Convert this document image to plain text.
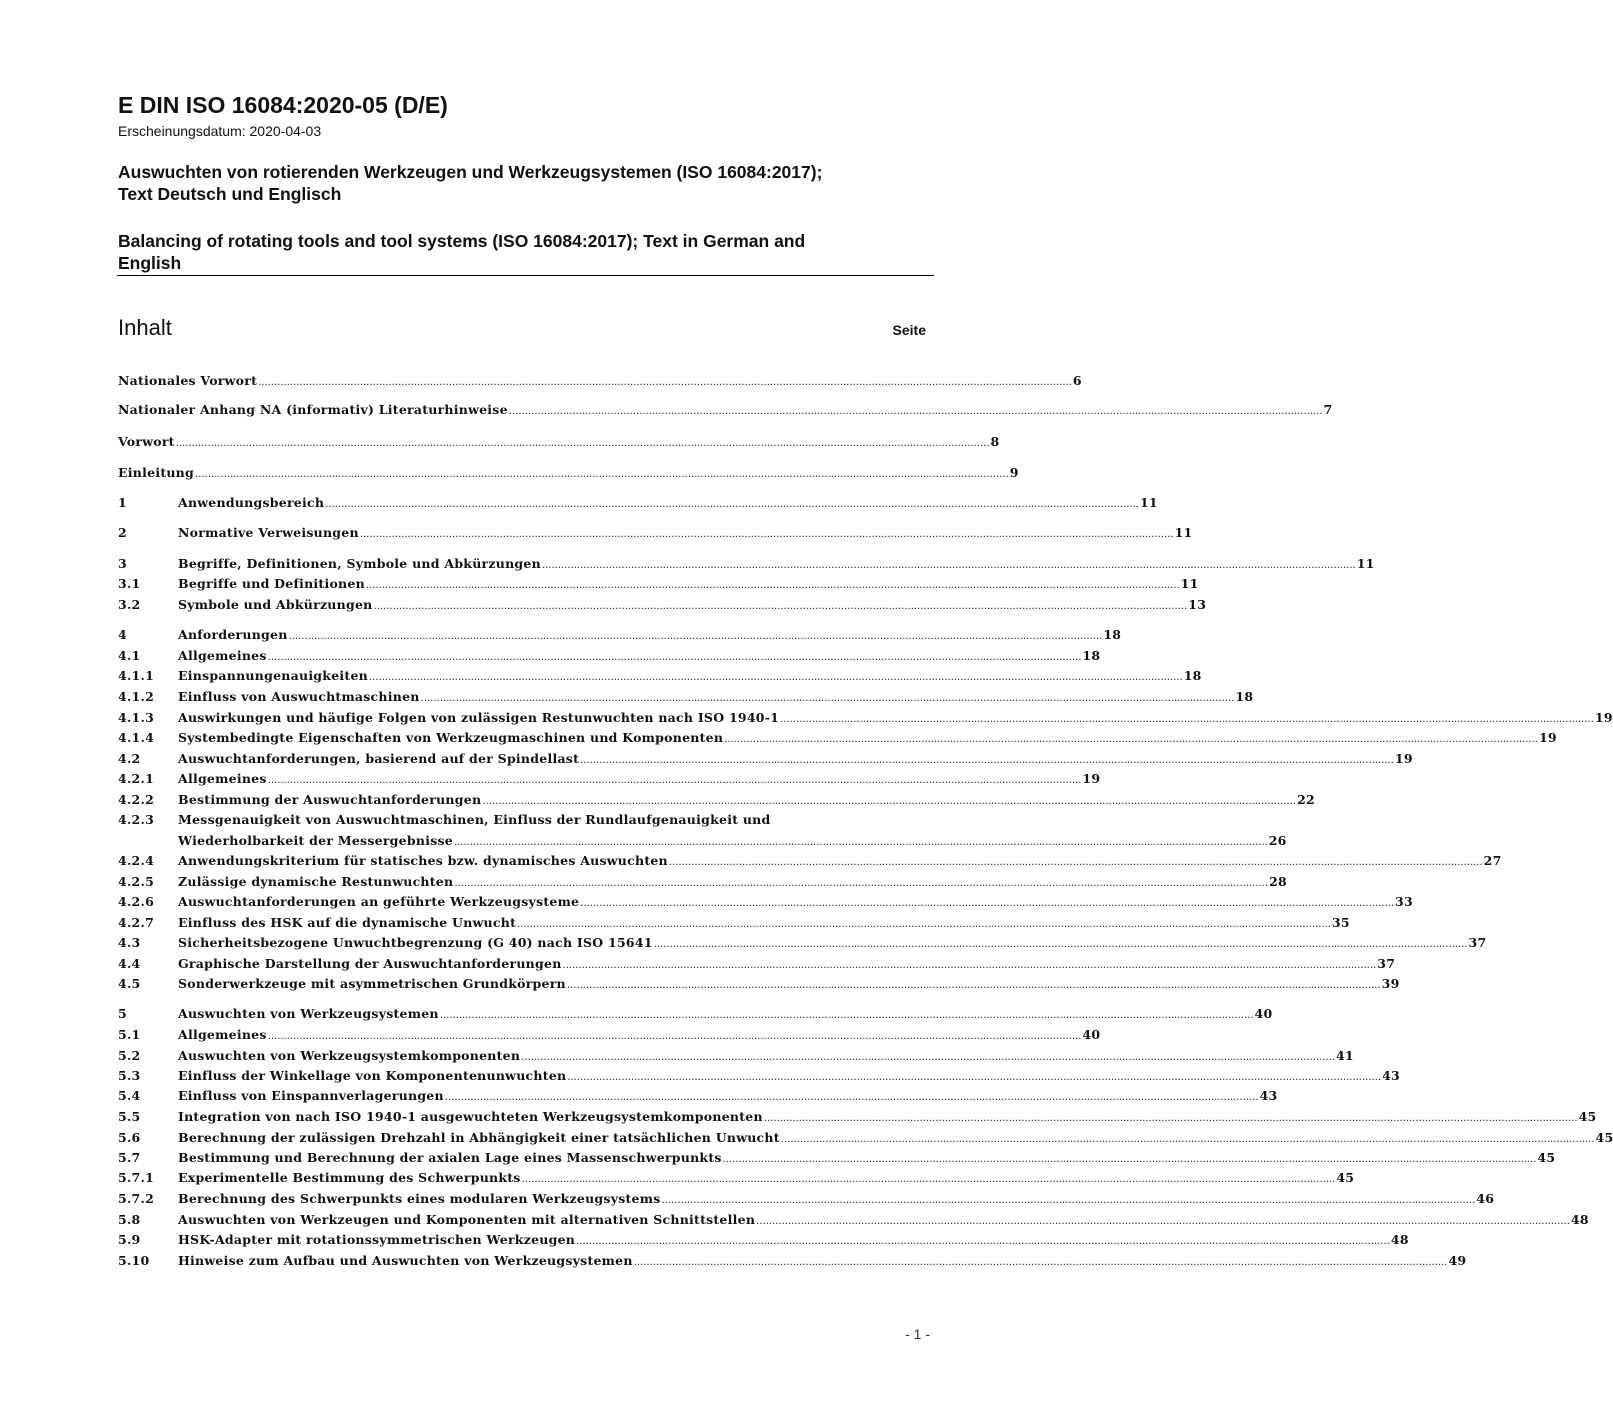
E DIN ISO 16084:2020-05 (D/E)
Erscheinungsdatum: 2020-04-03
Auswuchten von rotierenden Werkzeugen und Werkzeugsystemen (ISO 16084:2017);
Text Deutsch und Englisch
Balancing of rotating tools and tool systems (ISO 16084:2017); Text in German and
English
Inhalt	Seite
Nationales Vorwort .....	6
Nationaler Anhang NA (informativ) Literaturhinweise .....	7
Vorwort .....	8
Einleitung .....	9
1	Anwendungsbereich .....	11
2	Normative Verweisungen .....	11
3	Begriffe, Definitionen, Symbole und Abkürzungen .....	11
3.1	Begriffe und Definitionen .....	11
3.2	Symbole und Abkürzungen .....	13
4	Anforderungen .....	18
4.1	Allgemeines .....	18
4.1.1	Einspannungenauigkeiten .....	18
4.1.2	Einfluss von Auswuchtmaschinen .....	18
4.1.3	Auswirkungen und häufige Folgen von zulässigen Restunwuchten nach ISO 1940-1 .....	19
4.1.4	Systembedingte Eigenschaften von Werkzeugmaschinen und Komponenten .....	19
4.2	Auswuchtanforderungen, basierend auf der Spindellast .....	19
4.2.1	Allgemeines .....	19
4.2.2	Bestimmung der Auswuchtanforderungen .....	22
4.2.3	Messgenauigkeit von Auswuchtmaschinen, Einfluss der Rundlaufgenauigkeit und
Wiederholbarkeit der Messergebnisse .....	26
4.2.4	Anwendungskriterium für statisches bzw. dynamisches Auswuchten .....	27
4.2.5	Zulässige dynamische Restunwuchten .....	28
4.2.6	Auswuchtanforderungen an geführte Werkzeugsysteme .....	33
4.2.7	Einfluss des HSK auf die dynamische Unwucht .....	35
4.3	Sicherheitsbezogene Unwuchtbegrenzung (G 40) nach ISO 15641 .....	37
4.4	Graphische Darstellung der Auswuchtanforderungen .....	37
4.5	Sonderwerkzeuge mit asymmetrischen Grundkörpern .....	39
5	Auswuchten von Werkzeugsystemen .....	40
5.1	Allgemeines .....	40
5.2	Auswuchten von Werkzeugsystemkomponenten .....	41
5.3	Einfluss der Winkellage von Komponentenunwuchten .....	43
5.4	Einfluss von Einspannverlagerungen .....	43
5.5	Integration von nach ISO 1940-1 ausgewuchteten Werkzeugsystemkomponenten .....	45
5.6	Berechnung der zulässigen Drehzahl in Abhängigkeit einer tatsächlichen Unwucht .....	45
5.7	Bestimmung und Berechnung der axialen Lage eines Massenschwerpunkts .....	45
5.7.1	Experimentelle Bestimmung des Schwerpunkts .....	45
5.7.2	Berechnung des Schwerpunkts eines modularen Werkzeugsystems .....	46
5.8	Auswuchten von Werkzeugen und Komponenten mit alternativen Schnittstellen .....	48
5.9	HSK-Adapter mit rotationssymmetrischen Werkzeugen .....	48
5.10	Hinweise zum Aufbau und Auswuchten von Werkzeugsystemen .....	49
- 1 -
